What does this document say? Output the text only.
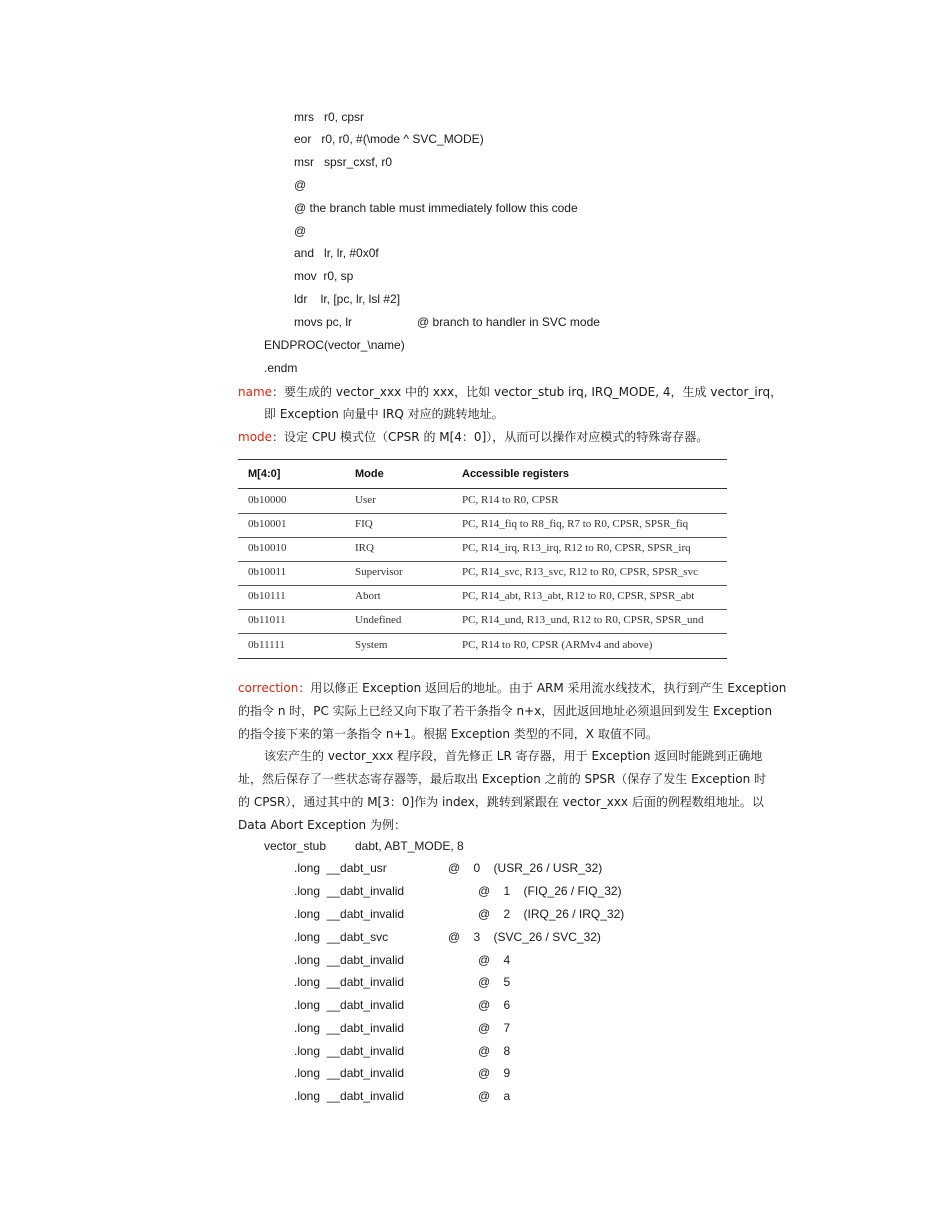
mrs   r0, cpsr
eor   r0, r0, #(\mode ^ SVC_MODE)
msr   spsr_cxsf, r0
@
@ the branch table must immediately follow this code
@
and   lr, lr, #0x0f
mov  r0, sp
ldr    lr, [pc, lr, lsl #2]
movs pc, lr	@ branch to handler in SVC mode
ENDPROC(vector_\name)
.endm
name：要生成的 vector_xxx 中的 xxx，比如 vector_stub irq, IRQ_MODE, 4，生成 vector_irq，
即 Exception 向量中 IRQ 对应的跳转地址。
mode：设定 CPU 模式位（CPSR 的 M[4：0]），从而可以操作对应模式的特殊寄存器。
M[4:0]	Mode	Accessible registers
0b10000	User	PC, R14 to R0, CPSR
0b10001	FIQ	PC, R14_fiq to R8_fiq, R7 to R0, CPSR, SPSR_fiq
0b10010	IRQ	PC, R14_irq, R13_irq, R12 to R0, CPSR, SPSR_irq
0b10011	Supervisor	PC, R14_svc, R13_svc, R12 to R0, CPSR, SPSR_svc
0b10111	Abort	PC, R14_abt, R13_abt, R12 to R0, CPSR, SPSR_abt
0b11011	Undefined	PC, R14_und, R13_und, R12 to R0, CPSR, SPSR_und
0b11111	System	PC, R14 to R0, CPSR (ARMv4 and above)
correction：用以修正 Exception 返回后的地址。由于 ARM 采用流水线技术，执行到产生 Exception
的指令 n 时，PC 实际上已经又向下取了若干条指令 n+x，因此返回地址必须退回到发生 Exception
的指令接下来的第一条指令 n+1。根据 Exception 类型的不同，X 取值不同。
该宏产生的 vector_xxx 程序段，首先修正 LR 寄存器，用于 Exception 返回时能跳到正确地
址，然后保存了一些状态寄存器等，最后取出 Exception 之前的 SPSR（保存了发生 Exception 时
的 CPSR），通过其中的 M[3：0]作为 index，跳转到紧跟在 vector_xxx 后面的例程数组地址。以
Data Abort Exception 为例：
vector_stub dabt, ABT_MODE, 8
.long  __dabt_usr	@    0    (USR_26 / USR_32)
.long  __dabt_invalid	@    1    (FIQ_26 / FIQ_32)
.long  __dabt_invalid	@    2    (IRQ_26 / IRQ_32)
.long  __dabt_svc	@    3    (SVC_26 / SVC_32)
.long  __dabt_invalid	@    4
.long  __dabt_invalid	@    5
.long  __dabt_invalid	@    6
.long  __dabt_invalid	@    7
.long  __dabt_invalid	@    8
.long  __dabt_invalid	@    9
.long  __dabt_invalid	@    a
